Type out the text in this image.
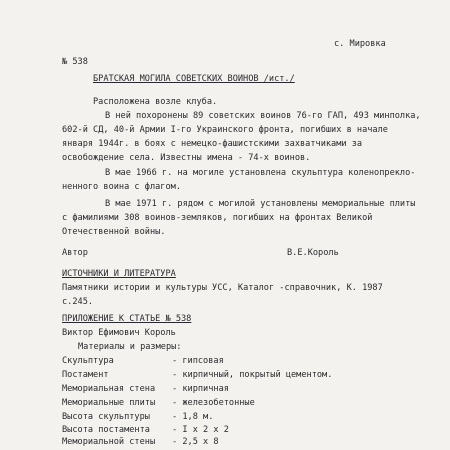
с. Мировка
№ 538
БРАТСКАЯ МОГИЛА СОВЕТСКИХ ВОИНОВ /ист./
Расположена возле клуба.
В ней похоронены 89 советских воинов 76-го ГАП, 493 минполка,
602-й СД, 40-й Армии I-го Украинского фронта, погибших в начале
января 1944г. в боях с немецко-фашистскими захватчиками за
освобождение села. Известны имена - 74-х воинов.
В мае 1966 г. на могиле установлена скульптура коленопрекло-
ненного воина с флагом.
В мае 1971 г. рядом с могилой установлены мемориальные плиты
с фамилиями 308 воинов-земляков, погибших на фронтах Великой
Отечественной войны.
Автор	В.Е.Король
ИСТОЧНИКИ И ЛИТЕРАТУРА
Памятники истории и культуры УСС, Каталог -справочник, К. 1987
с.245.
ПРИЛОЖЕНИЕ К СТАТЬЕ № 538
Виктор Ефимович Король
Материалы и размеры:
Скульптура	- гипсовая
Постамент	- кирпичный, покрытый цементом.
Мемориальная стена - кирпичная
Мемориальные плиты - железобетонные
Высота скульптуры	- 1,8 м.
Высота постамента	- I x 2 x 2
Мемориальной стены - 2,5 x 8
